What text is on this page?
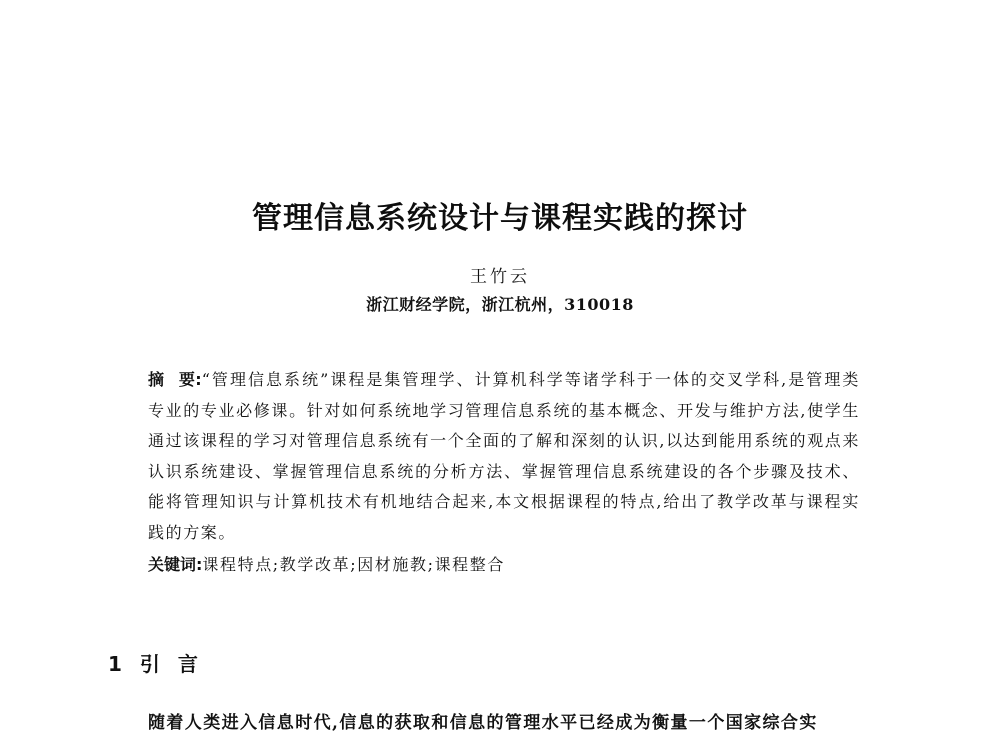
管理信息系统设计与课程实践的探讨
王竹云
浙江财经学院，浙江杭州，310018
摘 要:“管理信息系统”课程是集管理学、计算机科学等诸学科于一体的交叉学科,是管理类专业的专业必修课。针对如何系统地学习管理信息系统的基本概念、开发与维护方法,使学生通过该课程的学习对管理信息系统有一个全面的了解和深刻的认识,以达到能用系统的观点来认识系统建设、掌握管理信息系统的分析方法、掌握管理信息系统建设的各个步骤及技术、能将管理知识与计算机技术有机地结合起来,本文根据课程的特点,给出了教学改革与课程实践的方案。
关键词:课程特点;教学改革;因材施教;课程整合
1 引言
随着人类进入信息时代,信息的获取和信息的管理水平已经成为衡量一个国家综合实
